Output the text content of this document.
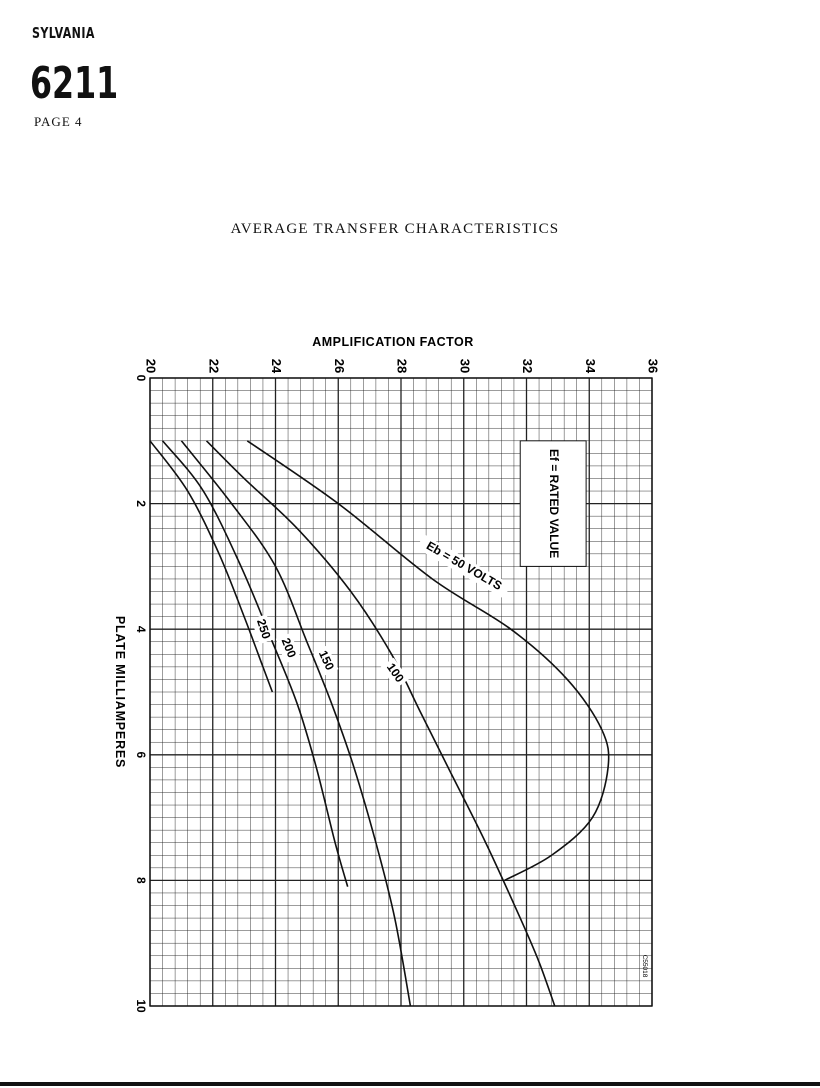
SYLVANIA
6211
PAGE 4
AVERAGE TRANSFER CHARACTERISTICS
Ef = RATED VALUE
Eb = 50 VOLTS
100
150
200
250
20	22	24	26	28	30	32	34	36
0
2
4
6
8
10
AMPLIFICATION FACTOR
PLATE MILLIAMPERES
C55018
